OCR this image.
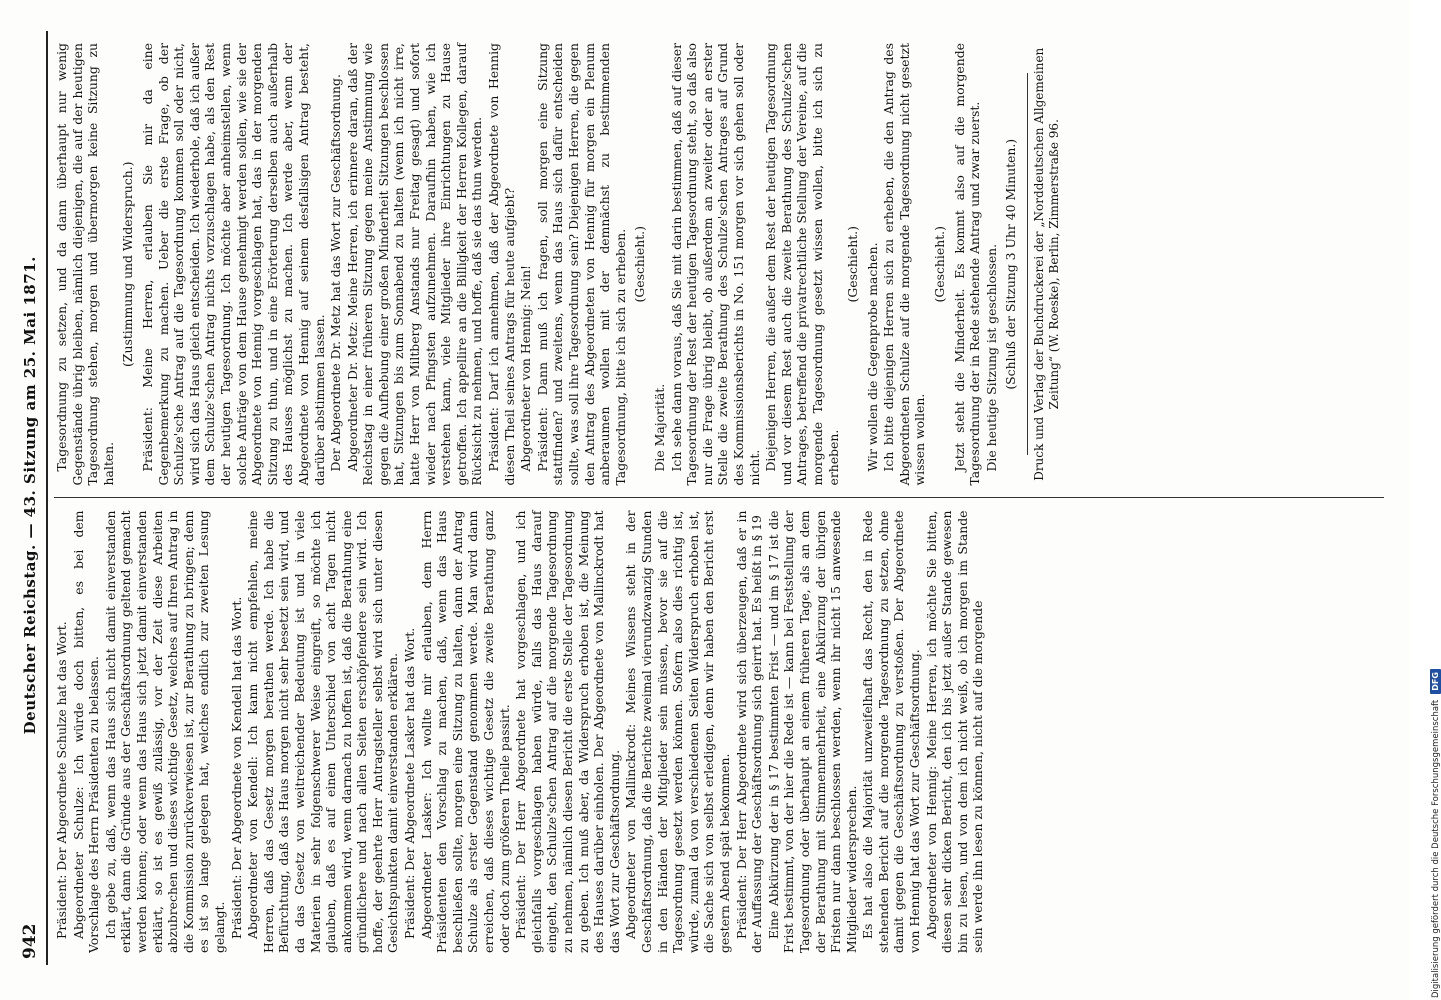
942
Deutscher Reichstag. — 43. Sitzung am 25. Mai 1871.

Präsident: Der Abgeordnete Schulze hat das Wort. Abgeordneter Schulze: Ich würde doch bitten, es bei dem Vorschlage des Herrn Präsidenten zu belassen. Ich gebe zu, daß, wenn das Haus sich nicht damit einverstanden erklärt, dann die Gründe aus der Geschäftsordnung geltend gemacht werden können; oder wenn das Haus sich jetzt damit einverstanden erklärt, so ist es gewiß zulässig, vor der Zeit diese Arbeiten abzubrechen und dieses wichtige Gesetz, welches auf Ihren Antrag in die Kommission zurückverwiesen ist, zur Berathung zu bringen; denn es ist so lange gelegen hat, welches endlich zur zweiten Lesung gelangt. Präsident: Der Abgeordnete von Kendell hat das Wort. Abgeordneter von Kendell: Ich kann nicht empfehlen, meine Herren, daß das Gesetz morgen berathen werde. Ich habe die Befürchtung, daß das Haus morgen nicht sehr besetzt sein wird, und da das Gesetz von weitreichender Bedeutung ist und in viele Materien in sehr folgenschwerer Weise eingreift, so möchte ich glauben, daß es auf einen Unterschied von acht Tagen nicht ankommen wird, wenn darnach zu hoffen ist, daß die Berathung eine gründlichere und nach allen Seiten erschöpfendere sein wird. Ich hoffe, der geehrte Herr Antragsteller selbst wird sich unter diesen Gesichtspunkten damit einverstanden erklären. Präsident: Der Abgeordnete Lasker hat das Wort. Abgeordneter Lasker: Ich wollte mir erlauben, dem Herrn Präsidenten den Vorschlag zu machen, daß, wenn das Haus beschließen sollte, morgen eine Sitzung zu halten, dann der Antrag Schulze als erster Gegenstand genommen werde. Man wird dann erreichen, daß dieses wichtige Gesetz die zweite Berathung ganz oder doch zum größeren Theile passirt. Präsident: Der Herr Abgeordnete hat vorgeschlagen, und ich gleichfalls vorgeschlagen haben würde, falls das Haus darauf eingeht, den Schulze'schen Antrag auf die morgende Tagesordnung zu nehmen, nämlich diesen Bericht die erste Stelle der Tagesordnung zu geben. Ich muß aber, da Widerspruch erhoben ist, die Meinung des Hauses darüber einholen. Der Abgeordnete von Mallinckrodt hat das Wort zur Geschäftsordnung. Abgeordneter von Mallinckrodt: Meines Wissens steht in der Geschäftsordnung, daß die Berichte zweimal vierundzwanzig Stunden in den Händen der Mitglieder sein müssen, bevor sie auf die Tagesordnung gesetzt werden können. Sofern also dies richtig ist, würde, zumal da von verschiedenen Seiten Widerspruch erhoben ist, die Sache sich von selbst erledigen, denn wir haben den Bericht erst gestern Abend spät bekommen. Präsident: Der Herr Abgeordnete wird sich überzeugen, daß er in der Auffassung der Geschäftsordnung sich geirrt hat. Es heißt in § 19 Eine Abkürzung der in § 17 bestimmten Frist — und im § 17 ist die Frist bestimmt, von der hier die Rede ist — kann bei Feststellung der Tagesordnung oder überhaupt an einem früheren Tage, als an dem der Berathung mit Stimmenmehrheit, eine Abkürzung der übrigen Fristen nur dann beschlossen werden, wenn ihr nicht 15 anwesende Mitglieder widersprechen. Es hat also die Majorität unzweifelhaft das Recht, den in Rede stehenden Bericht auf die morgende Tagesordnung zu setzen, ohne damit gegen die Geschäftsordnung zu verstoßen. Der Abgeordnete von Hennig hat das Wort zur Geschäftsordnung. Abgeordneter von Hennig: Meine Herren, ich möchte Sie bitten, diesen sehr dicken Bericht, den ich bis jetzt außer Stande gewesen bin zu lesen, und von dem ich nicht weiß, ob ich morgen im Stande sein werde ihn lesen zu können, nicht auf die morgende

Tagesordnung zu setzen, und da dann überhaupt nur wenig Gegenstände übrig bleiben, nämlich diejenigen, die auf der heutigen Tagesordnung stehen, morgen und übermorgen keine Sitzung zu halten.

(Zustimmung und Widerspruch.) Präsident: Meine Herren, erlauben Sie mir da eine Gegenbemerkung zu machen. Ueber die erste Frage, ob der Schulze'sche Antrag auf die Tagesordnung kommen soll oder nicht, wird sich das Haus gleich entscheiden. Ich wiederhole, daß ich außer dem Schulze'schen Antrag nichts vorzuschlagen habe, als den Rest der heutigen Tagesordnung. Ich möchte aber anheimstellen, wenn solche Anträge von dem Hause genehmigt werden sollen, wie sie der Abgeordnete von Hennig vorgeschlagen hat, das in der morgenden Sitzung zu thun, und in eine Erörterung derselben auch außerhalb des Hauses möglichst zu machen. Ich werde aber, wenn der Abgeordnete von Hennig auf seinem desfallsigen Antrag besteht, darüber abstimmen lassen. Der Abgeordnete Dr. Metz hat das Wort zur Geschäftsordnung. Abgeordneter Dr. Metz: Meine Herren, ich erinnere daran, daß der Reichstag in einer früheren Sitzung gegen meine Anstimmung wie gegen die Aufhebung einer großen Minderheit Sitzungen beschlossen hat, Sitzungen bis zum Sonnabend zu halten (wenn ich nicht irre, hatte Herr von Miltberg Anstands nur Freitag gesagt) und sofort wieder nach Pfingsten aufzunehmen. Daraufhin haben, wie ich verstehen kann, viele Mitglieder ihre Einrichtungen zu Hause getroffen. Ich appellire an die Billigkeit der Herren Kollegen, darauf Rücksicht zu nehmen, und hoffe, daß sie das thun werden. Präsident: Darf ich annehmen, daß der Abgeordnete von Hennig diesen Theil seines Antrags für heute aufgiebt? Abgeordneter von Hennig: Nein! Präsident: Dann muß ich fragen, soll morgen eine Sitzung stattfinden? und zweitens, wenn das Haus sich dafür entscheiden sollte, was soll ihre Tagesordnung sein? Diejenigen Herren, die gegen den Antrag des Abgeordneten von Hennig für morgen ein Plenum anberaumen wollen mit der demnächst zu bestimmenden Tagesordnung, bitte ich sich zu erheben. (Geschieht.)

Die Majorität. Ich sehe dann voraus, daß Sie mit darin bestimmen, daß auf dieser Tagesordnung der Rest der heutigen Tagesordnung steht, so daß also nur die Frage übrig bleibt, ob außerdem an zweiter oder an erster Stelle die zweite Berathung des Schulze'schen Antrages auf Grund des Kommissionsberichts in No. 151 morgen vor sich gehen soll oder nicht. Diejenigen Herren, die außer dem Rest der heutigen Tagesordnung und vor diesem Rest auch die zweite Berathung des Schulze'schen Antrages, betreffend die privatrechtliche Stellung der Vereine, auf die morgende Tagesordnung gesetzt wissen wollen, bitte ich sich zu erheben.

(Geschieht.) Wir wollen die Gegenprobe machen. Ich bitte diejenigen Herren sich zu erheben, die den Antrag des Abgeordneten Schulze auf die morgende Tagesordnung nicht gesetzt wissen wollen.

(Geschieht.) Jetzt steht die Minderheit. Es kommt also auf die morgende Tagesordnung der in Rede stehende Antrag und zwar zuerst. Die heutige Sitzung ist geschlossen. (Schluß der Sitzung 3 Uhr 40 Minuten.) Druck und Verlag der Buchdruckerei der „Norddeutschen Allgemeinen Zeitung“ (W. Roeske), Berlin, Zimmerstraße 96.
Digitalisierung gefördert durch die Deutsche Forschungsgemeinschaft
DFG
